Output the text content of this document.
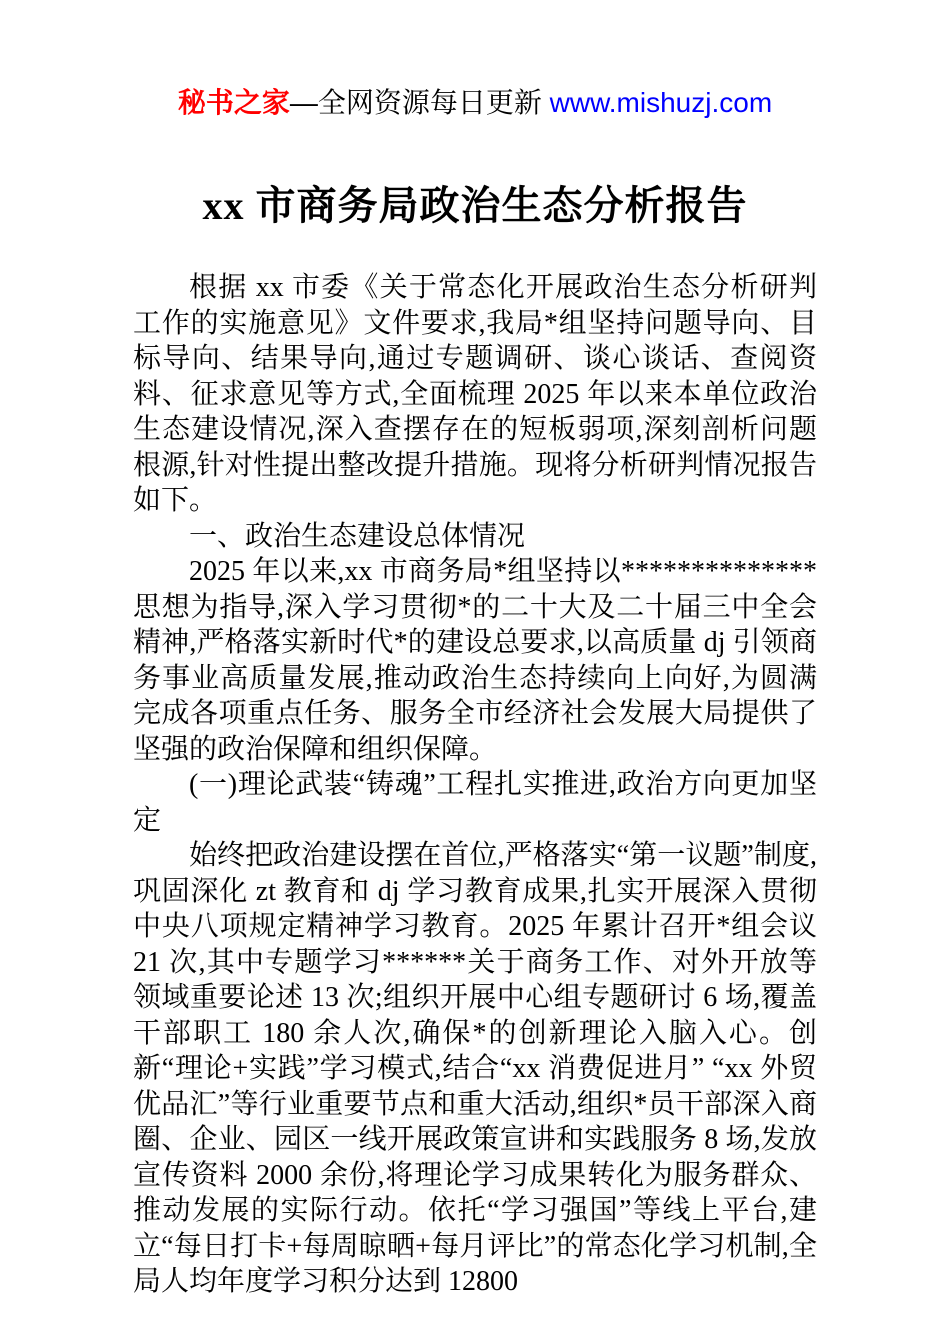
秘书之家—全网资源每日更新 www.mishuzj.com
xx 市商务局政治生态分析报告

根据 xx 市委《关于常态化开展政治生态分析研判工作的实施意见》文件要求,我局*组坚持问题导向、目标导向、结果导向,通过专题调研、谈心谈话、查阅资料、征求意见等方式,全面梳理 2025 年以来本单位政治生态建设情况,深入查摆存在的短板弱项,深刻剖析问题根源,针对性提出整改提升措施。现将分析研判情况报告如下。

一、政治生态建设总体情况

2025 年以来,xx 市商务局*组坚持以**************思想为指导,深入学习贯彻*的二十大及二十届三中全会精神,严格落实新时代*的建设总要求,以高质量 dj 引领商务事业高质量发展,推动政治生态持续向上向好,为圆满完成各项重点任务、服务全市经济社会发展大局提供了坚强的政治保障和组织保障。

(一)理论武装“铸魂”工程扎实推进,政治方向更加坚定

始终把政治建设摆在首位,严格落实“第一议题”制度,巩固深化 zt 教育和 dj 学习教育成果,扎实开展深入贯彻中央八项规定精神学习教育。2025 年累计召开*组会议 21 次,其中专题学习******关于商务工作、对外开放等领域重要论述 13 次;组织开展中心组专题研讨 6 场,覆盖干部职工 180 余人次,确保*的创新理论入脑入心。创新“理论+实践”学习模式,结合“xx 消费促进月” “xx 外贸优品汇”等行业重要节点和重大活动,组织*员干部深入商圈、企业、园区一线开展政策宣讲和实践服务 8 场,发放宣传资料 2000 余份,将理论学习成果转化为服务群众、推动发展的实际行动。依托“学习强国”等线上平台,建立“每日打卡+每周晾晒+每月评比”的常态化学习机制,全局人均年度学习积分达到 12800
